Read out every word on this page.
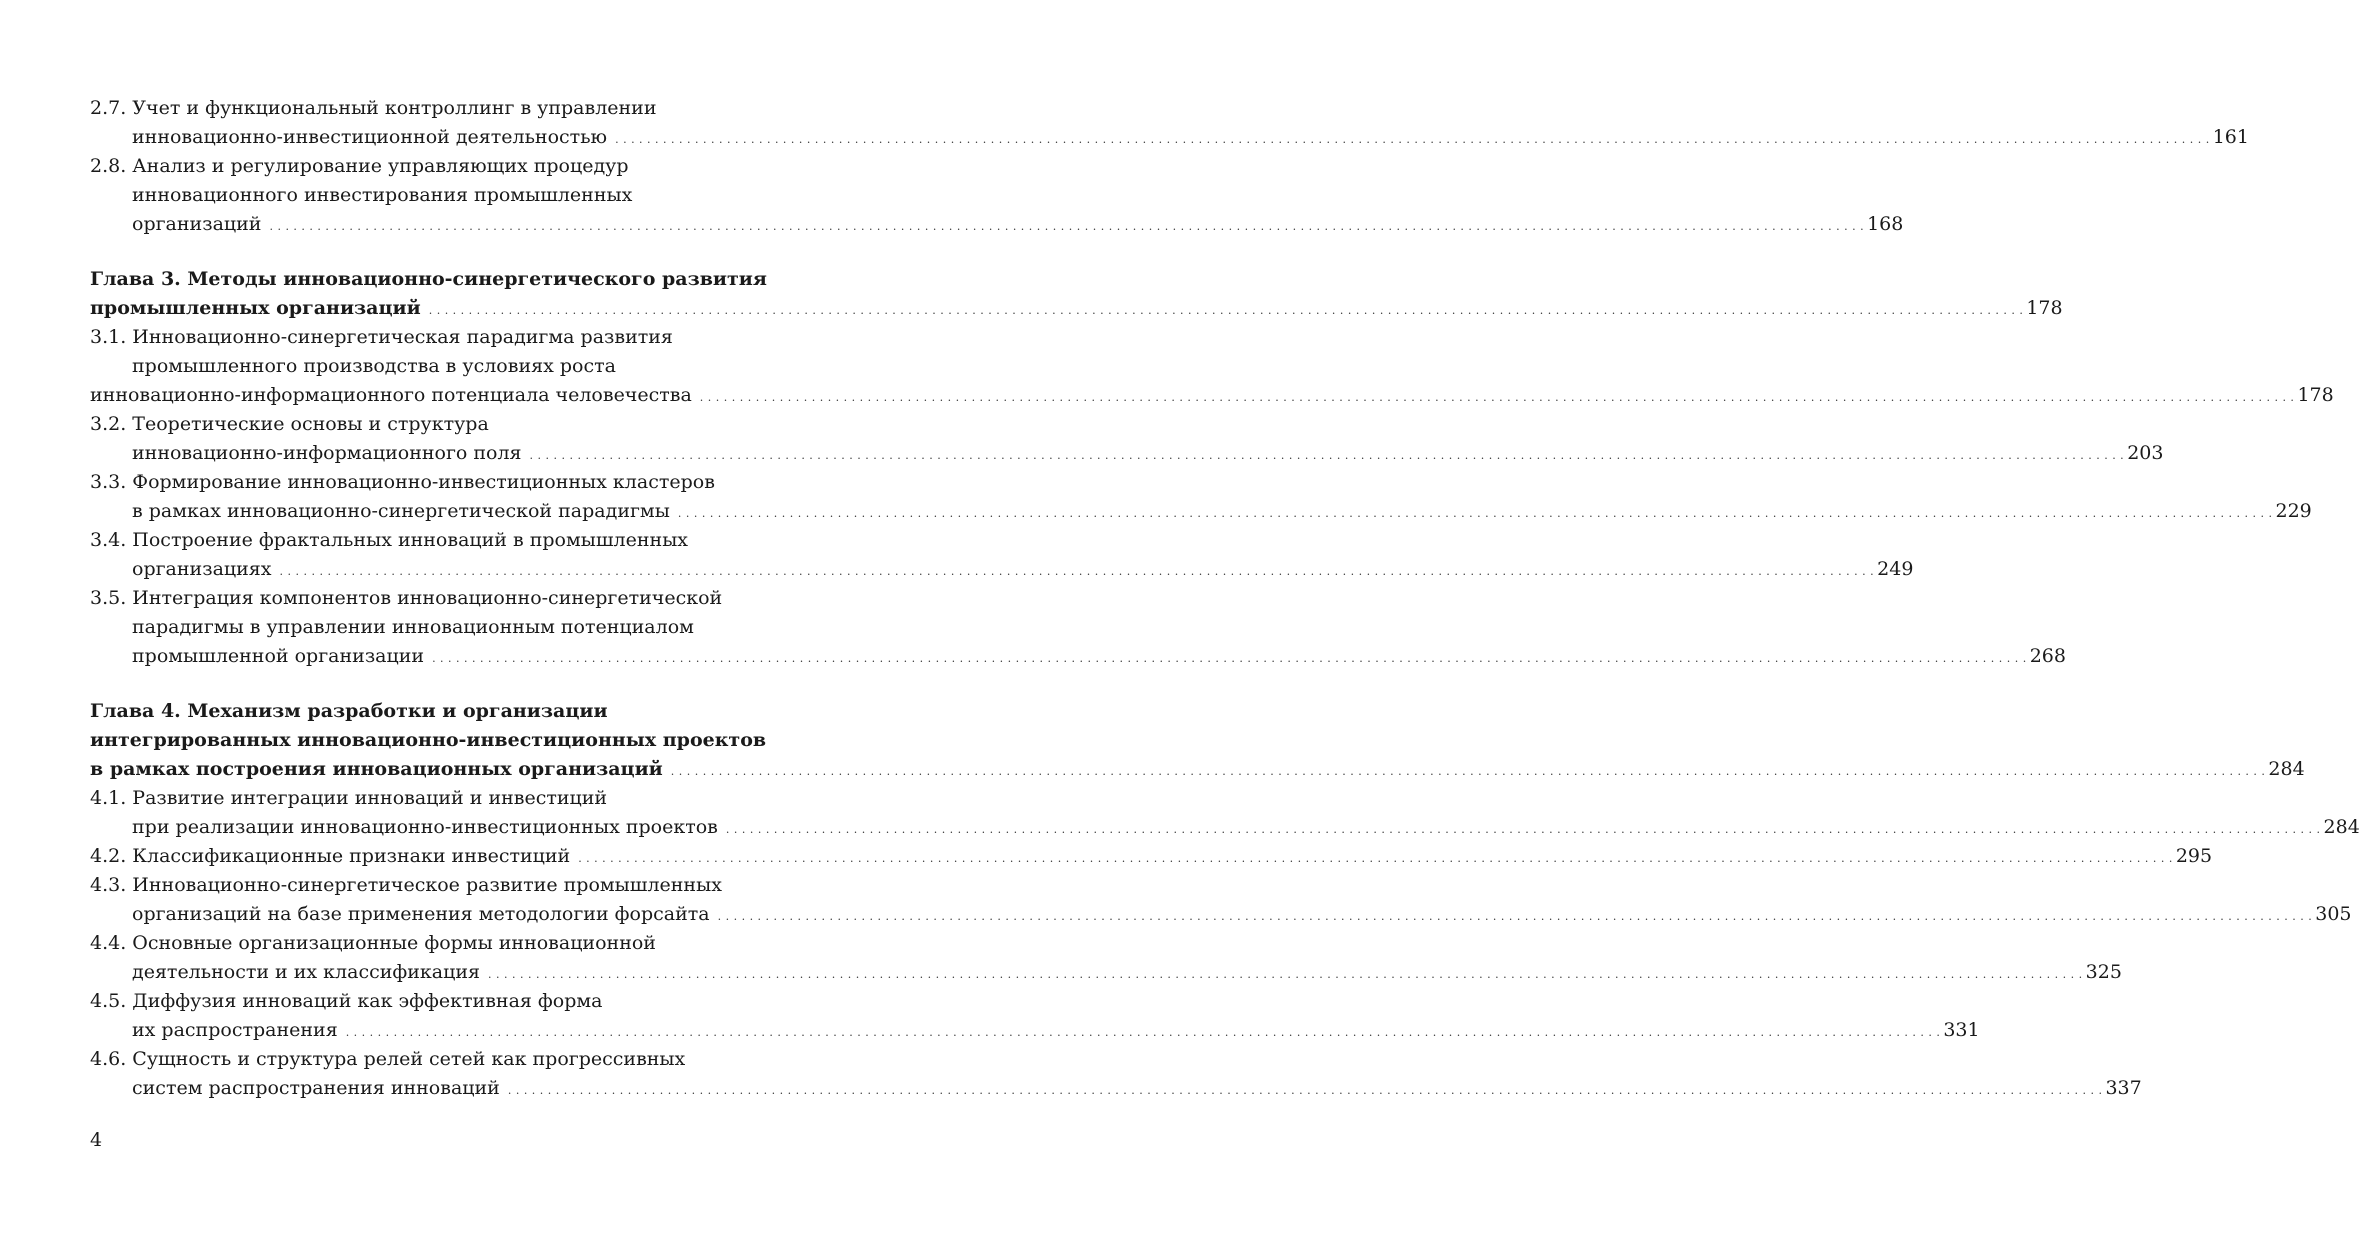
2.7. Учет и функциональный контроллинг в управлении
инновационно-инвестиционной деятельностью . . . . . . . . . . . . . . . . . . . . . . . . . . . . . . . . . . . . . . . . . . . . . . . . . . . . . . . . . . . . . . . . . . . . . . . . . . . . . . . . . . . . . . . . . . . . . . . . . . . . . . . . . . . . . . . . . . . . . . . . . . . . . . . . . . . . . . . . . . . . . . . . . . . . . . . . . . . . . . . . . . . . . . . . . . . . . . . . . . . . . . . . . . . . . . . . . . . . . . . . 161
2.8. Анализ и регулирование управляющих процедур
инновационного инвестирования промышленных
организаций . . . . . . . . . . . . . . . . . . . . . . . . . . . . . . . . . . . . . . . . . . . . . . . . . . . . . . . . . . . . . . . . . . . . . . . . . . . . . . . . . . . . . . . . . . . . . . . . . . . . . . . . . . . . . . . . . . . . . . . . . . . . . . . . . . . . . . . . . . . . . . . . . . . . . . . . . . . . . . . . . . . . . . . . . . . . . . . . . . . . . . . . . . . . . . . . . . . . . . . . 168
Глава 3. Методы инновационно-синергетического развития
промышленных организаций . . . . . . . . . . . . . . . . . . . . . . . . . . . . . . . . . . . . . . . . . . . . . . . . . . . . . . . . . . . . . . . . . . . . . . . . . . . . . . . . . . . . . . . . . . . . . . . . . . . . . . . . . . . . . . . . . . . . . . . . . . . . . . . . . . . . . . . . . . . . . . . . . . . . . . . . . . . . . . . . . . . . . . . . . . . . . . . . . . . . . . . . . . . . . . . . . . . . . . . . 178
3.1. Инновационно-синергетическая парадигма развития
промышленного производства в условиях роста
инновационно-информационного потенциала человечества . . . . . . . . . . . . . . . . . . . . . . . . . . . . . . . . . . . . . . . . . . . . . . . . . . . . . . . . . . . . . . . . . . . . . . . . . . . . . . . . . . . . . . . . . . . . . . . . . . . . . . . . . . . . . . . . . . . . . . . . . . . . . . . . . . . . . . . . . . . . . . . . . . . . . . . . . . . . . . . . . . . . . . . . . . . . . . . . . . . . . . . . . . . . . . . . . . . . . . . . 178
3.2. Теоретические основы и структура
инновационно-информационного поля . . . . . . . . . . . . . . . . . . . . . . . . . . . . . . . . . . . . . . . . . . . . . . . . . . . . . . . . . . . . . . . . . . . . . . . . . . . . . . . . . . . . . . . . . . . . . . . . . . . . . . . . . . . . . . . . . . . . . . . . . . . . . . . . . . . . . . . . . . . . . . . . . . . . . . . . . . . . . . . . . . . . . . . . . . . . . . . . . . . . . . . . . . . . . . . . . . . . . . . . 203
3.3. Формирование инновационно-инвестиционных кластеров
в рамках инновационно-синергетической парадигмы . . . . . . . . . . . . . . . . . . . . . . . . . . . . . . . . . . . . . . . . . . . . . . . . . . . . . . . . . . . . . . . . . . . . . . . . . . . . . . . . . . . . . . . . . . . . . . . . . . . . . . . . . . . . . . . . . . . . . . . . . . . . . . . . . . . . . . . . . . . . . . . . . . . . . . . . . . . . . . . . . . . . . . . . . . . . . . . . . . . . . . . . . . . . . . . . . . . . . . . . 229
3.4. Построение фрактальных инноваций в промышленных
организациях . . . . . . . . . . . . . . . . . . . . . . . . . . . . . . . . . . . . . . . . . . . . . . . . . . . . . . . . . . . . . . . . . . . . . . . . . . . . . . . . . . . . . . . . . . . . . . . . . . . . . . . . . . . . . . . . . . . . . . . . . . . . . . . . . . . . . . . . . . . . . . . . . . . . . . . . . . . . . . . . . . . . . . . . . . . . . . . . . . . . . . . . . . . . . . . . . . . . . . . . 249
3.5. Интеграция компонентов инновационно-синергетической
парадигмы в управлении инновационным потенциалом
промышленной организации . . . . . . . . . . . . . . . . . . . . . . . . . . . . . . . . . . . . . . . . . . . . . . . . . . . . . . . . . . . . . . . . . . . . . . . . . . . . . . . . . . . . . . . . . . . . . . . . . . . . . . . . . . . . . . . . . . . . . . . . . . . . . . . . . . . . . . . . . . . . . . . . . . . . . . . . . . . . . . . . . . . . . . . . . . . . . . . . . . . . . . . . . . . . . . . . . . . . . . . . 268
Глава 4. Механизм разработки и организации
интегрированных инновационно-инвестиционных проектов
в рамках построения инновационных организаций . . . . . . . . . . . . . . . . . . . . . . . . . . . . . . . . . . . . . . . . . . . . . . . . . . . . . . . . . . . . . . . . . . . . . . . . . . . . . . . . . . . . . . . . . . . . . . . . . . . . . . . . . . . . . . . . . . . . . . . . . . . . . . . . . . . . . . . . . . . . . . . . . . . . . . . . . . . . . . . . . . . . . . . . . . . . . . . . . . . . . . . . . . . . . . . . . . . . . . . . 284
4.1. Развитие интеграции инноваций и инвестиций
при реализации инновационно-инвестиционных проектов . . . . . . . . . . . . . . . . . . . . . . . . . . . . . . . . . . . . . . . . . . . . . . . . . . . . . . . . . . . . . . . . . . . . . . . . . . . . . . . . . . . . . . . . . . . . . . . . . . . . . . . . . . . . . . . . . . . . . . . . . . . . . . . . . . . . . . . . . . . . . . . . . . . . . . . . . . . . . . . . . . . . . . . . . . . . . . . . . . . . . . . . . . . . . . . . . . . . . . . . 284
4.2. Классификационные признаки инвестиций . . . . . . . . . . . . . . . . . . . . . . . . . . . . . . . . . . . . . . . . . . . . . . . . . . . . . . . . . . . . . . . . . . . . . . . . . . . . . . . . . . . . . . . . . . . . . . . . . . . . . . . . . . . . . . . . . . . . . . . . . . . . . . . . . . . . . . . . . . . . . . . . . . . . . . . . . . . . . . . . . . . . . . . . . . . . . . . . . . . . . . . . . . . . . . . . . . . . . . . . 295
4.3. Инновационно-синергетическое развитие промышленных
организаций на базе применения методологии форсайта . . . . . . . . . . . . . . . . . . . . . . . . . . . . . . . . . . . . . . . . . . . . . . . . . . . . . . . . . . . . . . . . . . . . . . . . . . . . . . . . . . . . . . . . . . . . . . . . . . . . . . . . . . . . . . . . . . . . . . . . . . . . . . . . . . . . . . . . . . . . . . . . . . . . . . . . . . . . . . . . . . . . . . . . . . . . . . . . . . . . . . . . . . . . . . . . . . . . . . . . 305
4.4. Основные организационные формы инновационной
деятельности и их классификация . . . . . . . . . . . . . . . . . . . . . . . . . . . . . . . . . . . . . . . . . . . . . . . . . . . . . . . . . . . . . . . . . . . . . . . . . . . . . . . . . . . . . . . . . . . . . . . . . . . . . . . . . . . . . . . . . . . . . . . . . . . . . . . . . . . . . . . . . . . . . . . . . . . . . . . . . . . . . . . . . . . . . . . . . . . . . . . . . . . . . . . . . . . . . . . . . . . . . . . . 325
4.5. Диффузия инноваций как эффективная форма
их распространения . . . . . . . . . . . . . . . . . . . . . . . . . . . . . . . . . . . . . . . . . . . . . . . . . . . . . . . . . . . . . . . . . . . . . . . . . . . . . . . . . . . . . . . . . . . . . . . . . . . . . . . . . . . . . . . . . . . . . . . . . . . . . . . . . . . . . . . . . . . . . . . . . . . . . . . . . . . . . . . . . . . . . . . . . . . . . . . . . . . . . . . . . . . . . . . . . . . . . . . . 331
4.6. Сущность и структура релей сетей как прогрессивных
систем распространения инноваций . . . . . . . . . . . . . . . . . . . . . . . . . . . . . . . . . . . . . . . . . . . . . . . . . . . . . . . . . . . . . . . . . . . . . . . . . . . . . . . . . . . . . . . . . . . . . . . . . . . . . . . . . . . . . . . . . . . . . . . . . . . . . . . . . . . . . . . . . . . . . . . . . . . . . . . . . . . . . . . . . . . . . . . . . . . . . . . . . . . . . . . . . . . . . . . . . . . . . . . . 337
4
